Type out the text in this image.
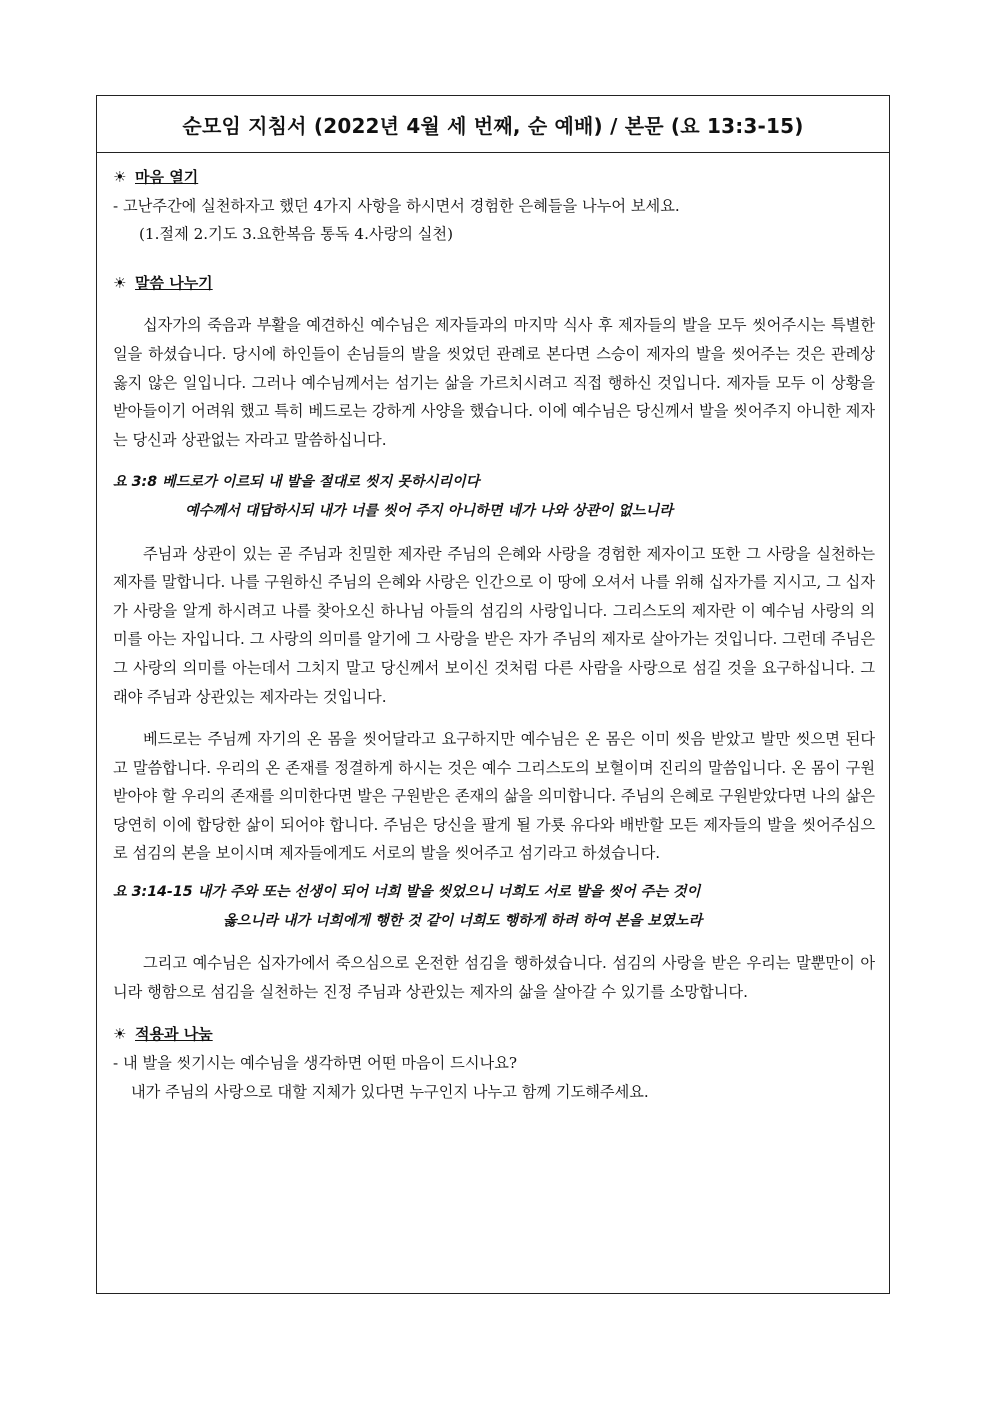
순모임 지침서 (2022년 4월 세 번째, 순 예배) / 본문 (요 13:3-15)
☀ 마음 열기
- 고난주간에 실천하자고 했던 4가지 사항을 하시면서 경험한 은혜들을 나누어 보세요.
(1.절제 2.기도 3.요한복음 통독 4.사랑의 실천)
☀ 말씀 나누기

십자가의 죽음과 부활을 예견하신 예수님은 제자들과의 마지막 식사 후 제자들의 발을 모두 씻어주시는 특별한 일을 하셨습니다. 당시에 하인들이 손님들의 발을 씻었던 관례로 본다면 스승이 제자의 발을 씻어주는 것은 관례상 옳지 않은 일입니다. 그러나 예수님께서는 섬기는 삶을 가르치시려고 직접 행하신 것입니다. 제자들 모두 이 상황을 받아들이기 어려워 했고 특히 베드로는 강하게 사양을 했습니다. 이에 예수님은 당신께서 발을 씻어주지 아니한 제자는 당신과 상관없는 자라고 말씀하십니다.

요 3:8 베드로가 이르되 내 발을 절대로 씻지 못하시리이다
예수께서 대답하시되 내가 너를 씻어 주지 아니하면 네가 나와 상관이 없느니라

주님과 상관이 있는 곧 주님과 친밀한 제자란 주님의 은혜와 사랑을 경험한 제자이고 또한 그 사랑을 실천하는 제자를 말합니다. 나를 구원하신 주님의 은혜와 사랑은 인간으로 이 땅에 오셔서 나를 위해 십자가를 지시고, 그 십자가 사랑을 알게 하시려고 나를 찾아오신 하나님 아들의 섬김의 사랑입니다. 그리스도의 제자란 이 예수님 사랑의 의미를 아는 자입니다. 그 사랑의 의미를 알기에 그 사랑을 받은 자가 주님의 제자로 살아가는 것입니다. 그런데 주님은 그 사랑의 의미를 아는데서 그치지 말고 당신께서 보이신 것처럼 다른 사람을 사랑으로 섬길 것을 요구하십니다. 그래야 주님과 상관있는 제자라는 것입니다.

베드로는 주님께 자기의 온 몸을 씻어달라고 요구하지만 예수님은 온 몸은 이미 씻음 받았고 발만 씻으면 된다고 말씀합니다. 우리의 온 존재를 정결하게 하시는 것은 예수 그리스도의 보혈이며 진리의 말씀입니다. 온 몸이 구원받아야 할 우리의 존재를 의미한다면 발은 구원받은 존재의 삶을 의미합니다. 주님의 은혜로 구원받았다면 나의 삶은 당연히 이에 합당한 삶이 되어야 합니다. 주님은 당신을 팔게 될 가룟 유다와 배반할 모든 제자들의 발을 씻어주심으로 섬김의 본을 보이시며 제자들에게도 서로의 발을 씻어주고 섬기라고 하셨습니다.

요 3:14-15 내가 주와 또는 선생이 되어 너희 발을 씻었으니 너희도 서로 발을 씻어 주는 것이
옳으니라 내가 너희에게 행한 것 같이 너희도 행하게 하려 하여 본을 보였노라

그리고 예수님은 십자가에서 죽으심으로 온전한 섬김을 행하셨습니다. 섬김의 사랑을 받은 우리는 말뿐만이 아니라 행함으로 섬김을 실천하는 진정 주님과 상관있는 제자의 삶을 살아갈 수 있기를 소망합니다.

☀ 적용과 나눔
- 내 발을 씻기시는 예수님을 생각하면 어떤 마음이 드시나요?
내가 주님의 사랑으로 대할 지체가 있다면 누구인지 나누고 함께 기도해주세요.
